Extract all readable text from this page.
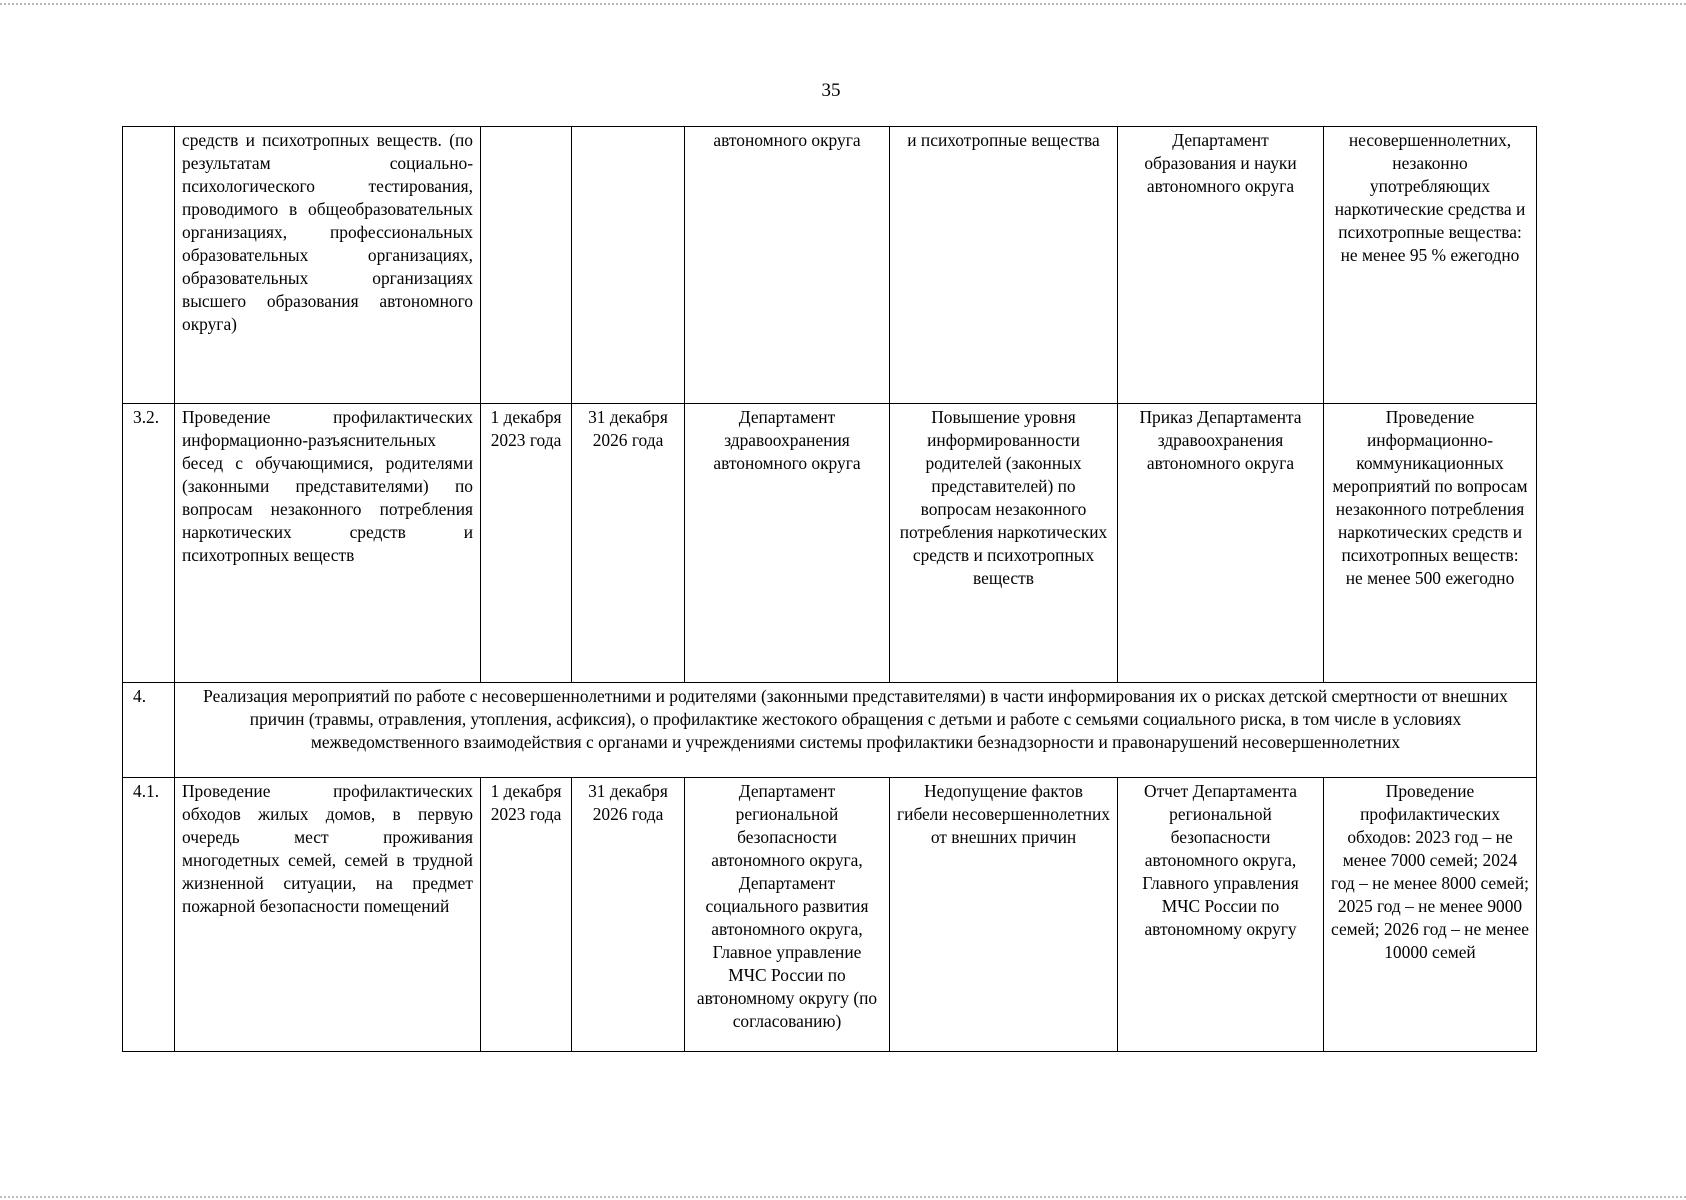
35
	средств и психотропных веществ. (по результатам социально-психологического тестирования, проводимого в общеобразовательных организациях, профессиональных образовательных организациях, образовательных организациях высшего образования автономного округа)			автономного округа	и психотропные вещества	Департамент образования и науки автономного округа	несовершеннолетних, незаконно употребляющих наркотические средства и психотропные вещества: не менее 95 % ежегодно
3.2.	Проведение профилактических информационно-разъяснительных бесед с обучающимися, родителями (законными представителями) по вопросам незаконного потребления наркотических средств и психотропных веществ	1 декабря 2023 года	31 декабря 2026 года	Департамент здравоохранения автономного округа	Повышение уровня информированности родителей (законных представителей) по вопросам незаконного потребления наркотических средств и психотропных веществ	Приказ Департамента здравоохранения автономного округа	Проведение информационно-коммуникационных мероприятий по вопросам незаконного потребления наркотических средств и психотропных веществ: не менее 500 ежегодно
4.	Реализация мероприятий по работе с несовершеннолетними и родителями (законными представителями) в части информирования их о рисках детской смертности от внешних причин (травмы, отравления, утопления, асфиксия), о профилактике жестокого обращения с детьми и работе с семьями социального риска, в том числе в условиях межведомственного взаимодействия с органами и учреждениями системы профилактики безнадзорности и правонарушений несовершеннолетних						
4.1.	Проведение профилактических обходов жилых домов, в первую очередь мест проживания многодетных семей, семей в трудной жизненной ситуации, на предмет пожарной безопасности помещений	1 декабря 2023 года	31 декабря 2026 года	Департамент региональной безопасности автономного округа, Департамент социального развития автономного округа, Главное управление МЧС России по автономному округу (по согласованию)	Недопущение фактов гибели несовершеннолетних от внешних причин	Отчет Департамента региональной безопасности автономного округа, Главного управления МЧС России по автономному округу	Проведение профилактических обходов: 2023 год – не менее 7000 семей; 2024 год – не менее 8000 семей; 2025 год – не менее 9000 семей; 2026 год – не менее 10000 семей
